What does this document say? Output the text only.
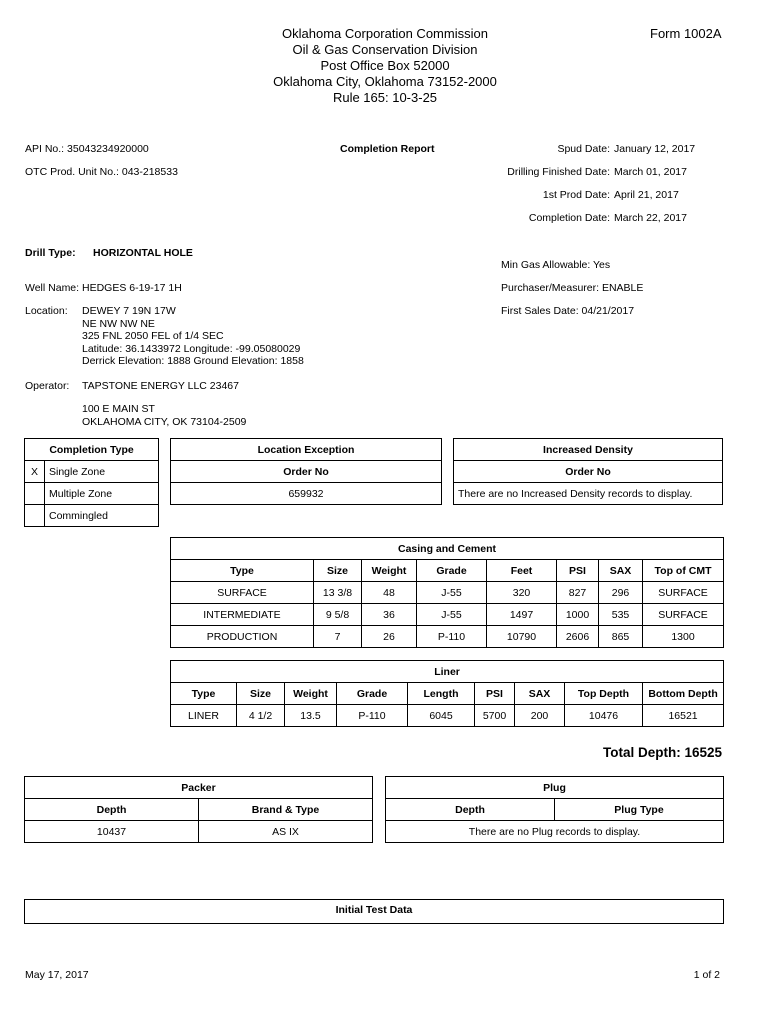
Oklahoma Corporation Commission
Oil & Gas Conservation Division
Post Office Box 52000
Oklahoma City, Oklahoma 73152-2000
Rule 165: 10-3-25
Form 1002A
API No.: 35043234920000	Completion Report
OTC Prod. Unit No.: 043-218533
Spud Date: January 12, 2017
Drilling Finished Date: March 01, 2017
1st Prod Date: April 21, 2017
Completion Date: March 22, 2017
Drill Type: HORIZONTAL HOLE
Min Gas Allowable: Yes
Well Name: HEDGES 6-19-17 1H	Purchaser/Measurer: ENABLE
Location: DEWEY 7 19N 17W
NE NW NW NE
325 FNL 2050 FEL of 1/4 SEC
Latitude: 36.1433972 Longitude: -99.05080029
Derrick Elevation: 1888 Ground Elevation: 1858
First Sales Date: 04/21/2017
Operator: TAPSTONE ENERGY LLC 23467
100 E MAIN ST
OKLAHOMA CITY, OK 73104-2509
Completion Type	
X	Single Zone
	Multiple Zone
	Commingled
Location Exception
Order No
659932
Increased Density
Order No
There are no Increased Density records to display.
Casing and Cement							
Type	Size	Weight	Grade	Feet	PSI	SAX	Top of CMT
SURFACE	13 3/8	48	J-55	320	827	296	SURFACE
INTERMEDIATE	9 5/8	36	J-55	1497	1000	535	SURFACE
PRODUCTION	7	26	P-110	10790	2606	865	1300
Liner								
Type	Size	Weight	Grade	Length	PSI	SAX	Top Depth	Bottom Depth
LINER	4 1/2	13.5	P-110	6045	5700	200	10476	16521
Total Depth: 16525
Packer	
Depth	Brand & Type
10437	AS IX
Plug
Depth	Plug Type
There are no Plug records to display.
Initial Test Data
May 17, 2017	1 of 2
